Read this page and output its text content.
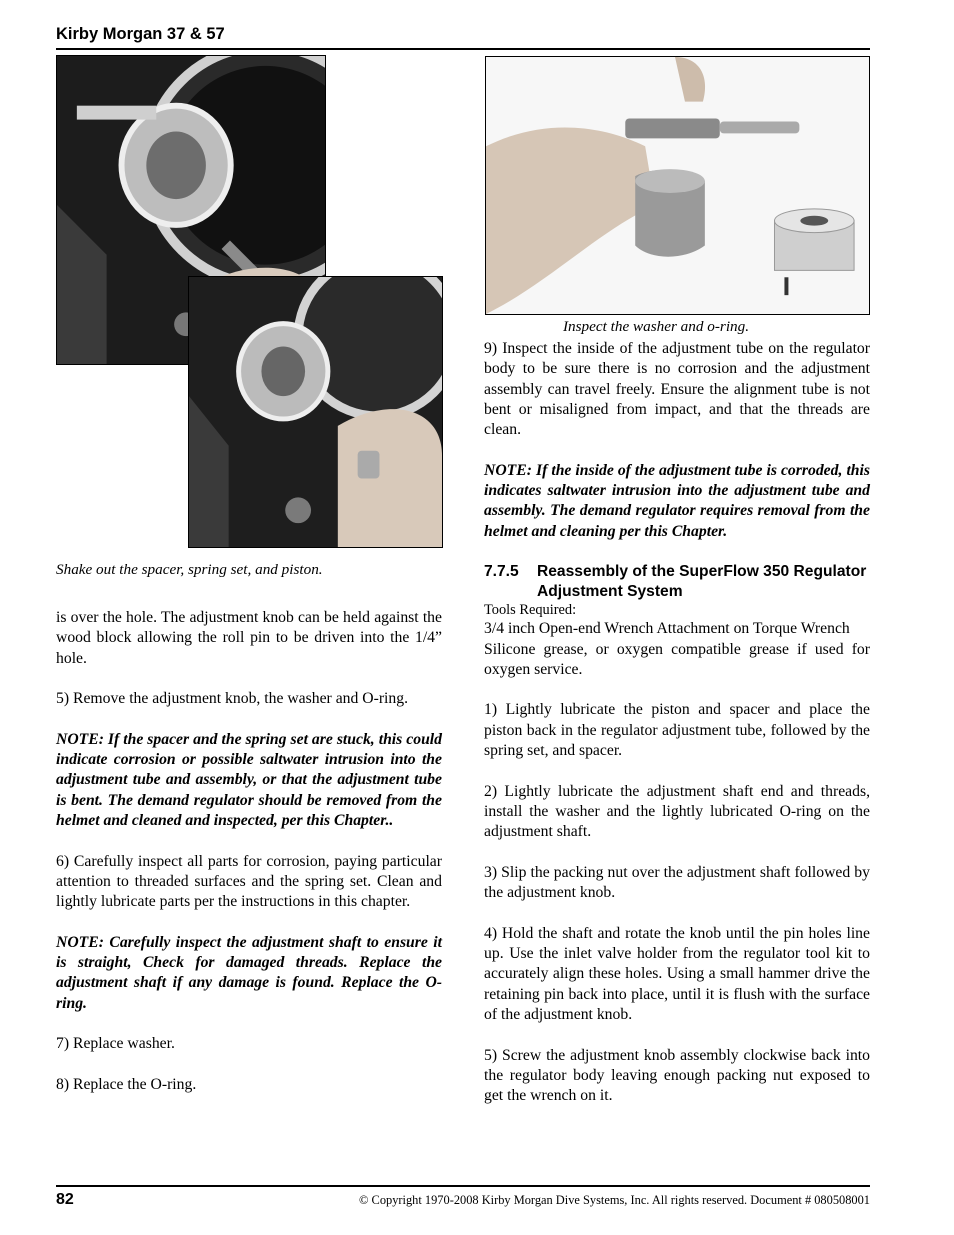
Kirby Morgan 37 & 57
Shake out the spacer, spring set, and piston.
Inspect the washer and o-ring.

is over the hole. The adjustment knob can be held against the wood block allowing the roll pin to be driven into the 1/4” hole.

5) Remove the adjustment knob, the washer and O-ring.

NOTE: If the spacer and the spring set are stuck, this could indicate corrosion or possible saltwater intrusion into the adjustment tube and assembly, or that the adjustment tube is bent. The demand regulator should be removed from the helmet and cleaned and inspected, per this Chapter..

6) Carefully inspect all parts for corrosion, paying particular attention to threaded surfaces and the spring set. Clean and lightly lubricate parts per the instructions in this chapter.

NOTE: Carefully inspect the adjustment shaft to ensure it is straight, Check for damaged threads. Replace the adjustment shaft if any damage is found. Replace the O-ring.

7) Replace washer.

8) Replace the O-ring.

9) Inspect the inside of the adjustment tube on the regulator body to be sure there is no corrosion and the adjustment assembly can travel freely. Ensure the alignment tube is not bent or misaligned from impact, and that the threads are clean.

NOTE: If the inside of the adjustment tube is corroded, this indicates saltwater intrusion into the adjustment tube and assembly. The demand regulator requires removal from the helmet and cleaning per this Chapter.

7.7.5	Reassembly of the SuperFlow 350 Regulator Adjustment System

Tools Required:

3/4 inch Open-end Wrench Attachment on Torque Wrench

Silicone grease, or oxygen compatible grease if used for oxygen service.

1) Lightly lubricate the piston and spacer and place the piston back in the regulator adjustment tube, followed by the spring set, and spacer.

2) Lightly lubricate the adjustment shaft end and threads, install the washer and the lightly lubricated O-ring on the adjustment shaft.

3) Slip the packing nut over the adjustment shaft followed by the adjustment knob.

4) Hold the shaft and rotate the knob until the pin holes line up. Use the inlet valve holder from the regulator tool kit to accurately align these holes. Using a small hammer drive the retaining pin back into place, until it is flush with the surface of the adjustment knob.

5) Screw the adjustment knob assembly clockwise back into the regulator body leaving enough packing nut exposed to get the wrench on it.

82	© Copyright 1970-2008 Kirby Morgan Dive Systems, Inc. All rights reserved. Document # 080508001
